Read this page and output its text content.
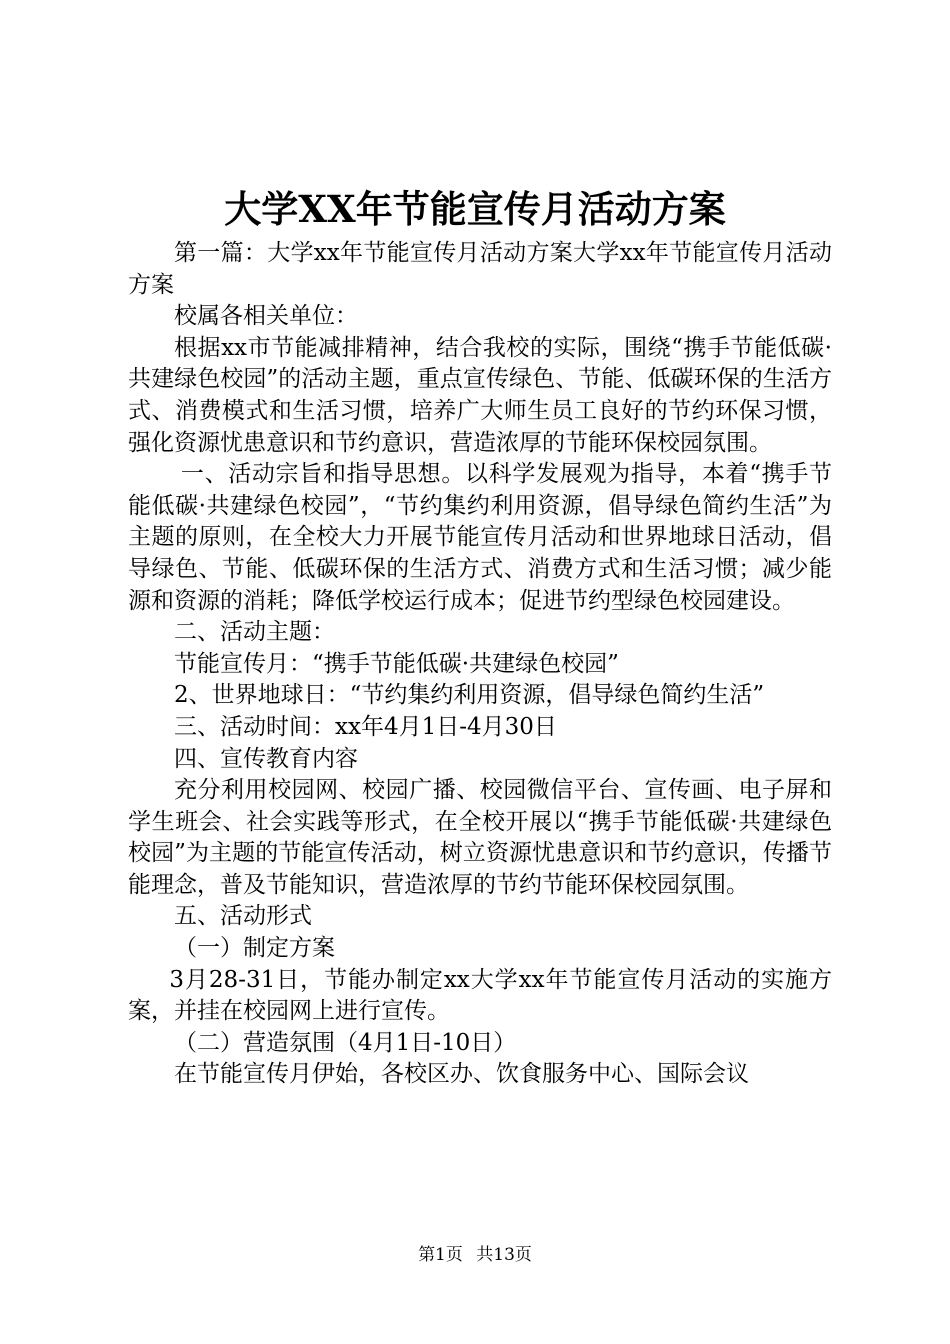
大学XX年节能宣传月活动方案

第一篇：大学xx年节能宣传月活动方案大学xx年节能宣传月活动方案

校属各相关单位：

根据xx市节能减排精神，结合我校的实际，围绕“携手节能低碳·共建绿色校园”的活动主题，重点宣传绿色、节能、低碳环保的生活方式、消费模式和生活习惯，培养广大师生员工良好的节约环保习惯，强化资源忧患意识和节约意识，营造浓厚的节能环保校园氛围。

一、活动宗旨和指导思想。以科学发展观为指导，本着“携手节能低碳·共建绿色校园”，“节约集约利用资源，倡导绿色简约生活”为主题的原则，在全校大力开展节能宣传月活动和世界地球日活动，倡导绿色、节能、低碳环保的生活方式、消费方式和生活习惯；减少能源和资源的消耗；降低学校运行成本；促进节约型绿色校园建设。

二、活动主题：

节能宣传月：“携手节能低碳·共建绿色校园”

2、世界地球日：“节约集约利用资源，倡导绿色简约生活”

三、活动时间：xx年4月1日-4月30日

四、宣传教育内容

充分利用校园网、校园广播、校园微信平台、宣传画、电子屏和学生班会、社会实践等形式，在全校开展以“携手节能低碳·共建绿色校园”为主题的节能宣传活动，树立资源忧患意识和节约意识，传播节能理念，普及节能知识，营造浓厚的节约节能环保校园氛围。

五、活动形式

（一）制定方案

3月28-31日，节能办制定xx大学xx年节能宣传月活动的实施方案，并挂在校园网上进行宣传。

（二）营造氛围（4月1日-10日）

在节能宣传月伊始，各校区办、饮食服务中心、国际会议

第1页 共13页
